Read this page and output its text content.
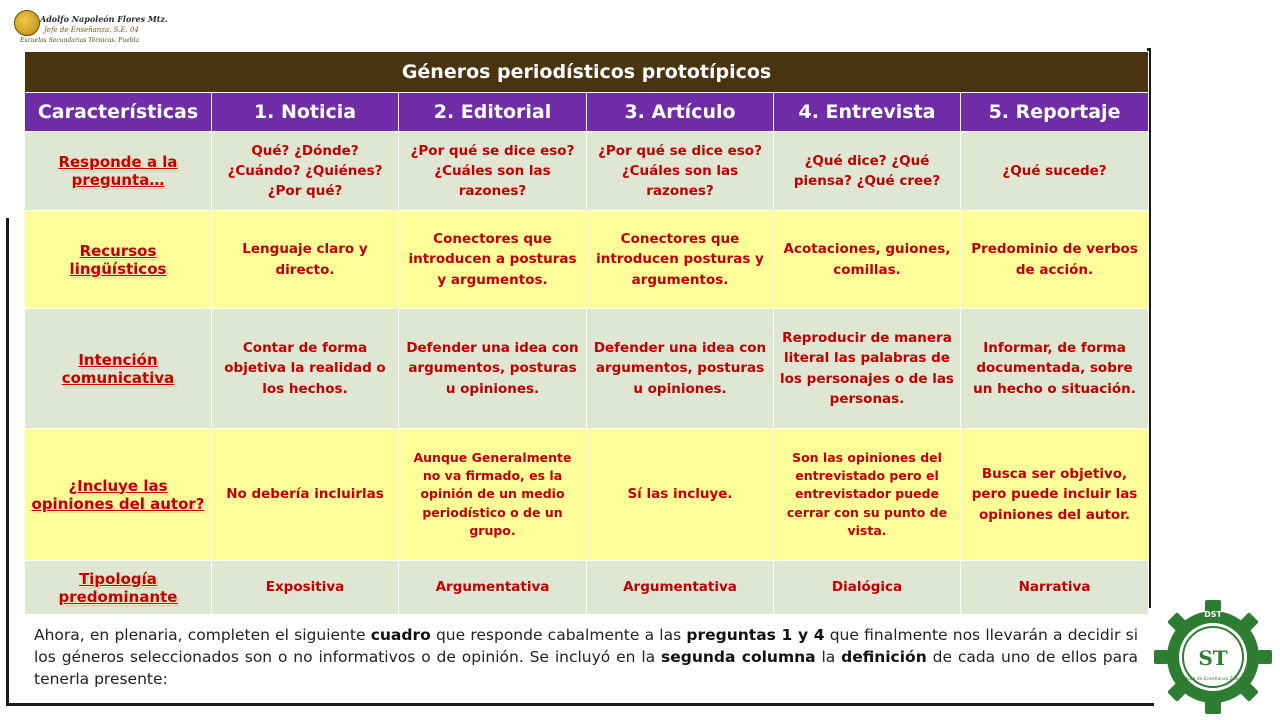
Adolfo Napoleón Flores Mtz.
Jefe de Enseñanza. S.E. 04
Escuelas Secundarias Técnicas. Puebla
Géneros periodísticos prototípicos					
Características	1. Noticia	2. Editorial	3. Artículo	4. Entrevista	5. Reportaje
Responde a la pregunta…	Qué? ¿Dónde? ¿Cuándo? ¿Quiénes? ¿Por qué?	¿Por qué se dice eso? ¿Cuáles son las razones?	¿Por qué se dice eso? ¿Cuáles son las razones?	¿Qué dice? ¿Qué piensa? ¿Qué cree?	¿Qué sucede?
Recursos lingüísticos	Lenguaje claro y directo.	Conectores que introducen a posturas y argumentos.	Conectores que introducen posturas y argumentos.	Acotaciones, guiones, comillas.	Predominio de verbos de acción.
Intención comunicativa	Contar de forma objetiva la realidad o los hechos.	Defender una idea con argumentos, posturas u opiniones.	Defender una idea con argumentos, posturas u opiniones.	Reproducir de manera literal las palabras de los personajes o de las personas.	Informar, de forma documentada, sobre un hecho o situación.
¿Incluye las opiniones del autor?	No debería incluirlas	Aunque Generalmente no va firmado, es la opinión de un medio periodístico o de un grupo.	Sí las incluye.	Son las opiniones del entrevistado pero el entrevistador puede cerrar con su punto de vista.	Busca ser objetivo, pero puede incluir las opiniones del autor.
Tipología predominante	Expositiva	Argumentativa	Argumentativa	Dialógica	Narrativa
Ahora, en plenaria, completen el siguiente cuadro que responde cabalmente a las preguntas 1 y 4 que finalmente nos llevarán a decidir si los géneros seleccionados son o no informativos o de opinión. Se incluyó en la segunda columna la definición de cada uno de ellos para tenerla presente:
DST
ST
Jefatura de Enseñanza Zona 04
